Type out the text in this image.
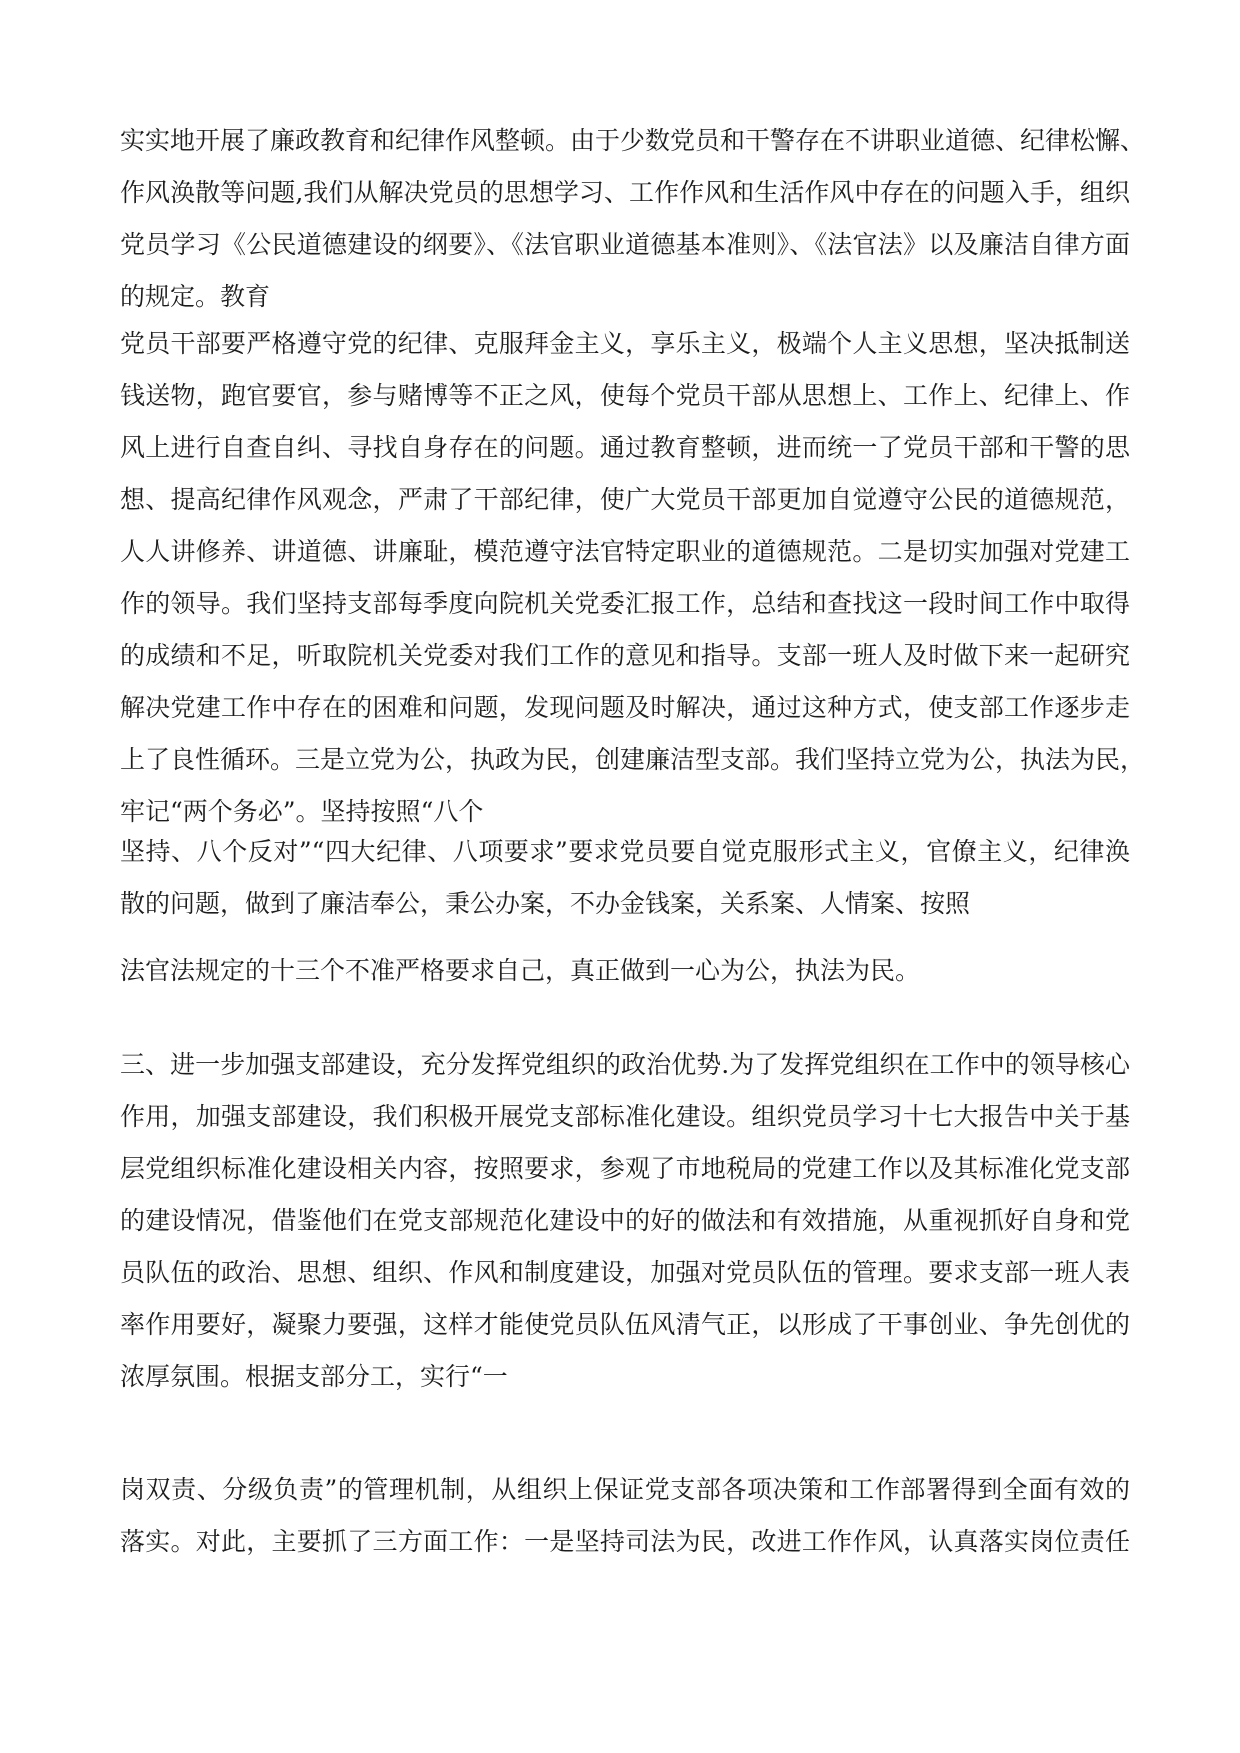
实实地开展了廉政教育和纪律作风整顿。由于少数党员和干警存在不讲职业道德、纪律松懈、
作风涣散等问题,我们从解决党员的思想学习、工作作风和生活作风中存在的问题入手，组织
党员学习《公民道德建设的纲要》、《法官职业道德基本准则》、《法官法》以及廉洁自律方面
的规定。教育
党员干部要严格遵守党的纪律、克服拜金主义，享乐主义，极端个人主义思想，坚决抵制送
钱送物，跑官要官，参与赌博等不正之风，使每个党员干部从思想上、工作上、纪律上、作
风上进行自查自纠、寻找自身存在的问题。通过教育整顿，进而统一了党员干部和干警的思
想、提高纪律作风观念，严肃了干部纪律，使广大党员干部更加自觉遵守公民的道德规范，
人人讲修养、讲道德、讲廉耻，模范遵守法官特定职业的道德规范。二是切实加强对党建工
作的领导。我们坚持支部每季度向院机关党委汇报工作，总结和查找这一段时间工作中取得
的成绩和不足，听取院机关党委对我们工作的意见和指导。支部一班人及时做下来一起研究
解决党建工作中存在的困难和问题，发现问题及时解决，通过这种方式，使支部工作逐步走
上了良性循环。三是立党为公，执政为民，创建廉洁型支部。我们坚持立党为公，执法为民，
牢记“两个务必”。坚持按照“八个
坚持、八个反对”“四大纪律、八项要求”要求党员要自觉克服形式主义，官僚主义，纪律涣
散的问题，做到了廉洁奉公，秉公办案，不办金钱案，关系案、人情案、按照
法官法规定的十三个不准严格要求自己，真正做到一心为公，执法为民。
三、进一步加强支部建设，充分发挥党组织的政治优势.为了发挥党组织在工作中的领导核心
作用，加强支部建设，我们积极开展党支部标准化建设。组织党员学习十七大报告中关于基
层党组织标准化建设相关内容，按照要求，参观了市地税局的党建工作以及其标准化党支部
的建设情况，借鉴他们在党支部规范化建设中的好的做法和有效措施，从重视抓好自身和党
员队伍的政治、思想、组织、作风和制度建设，加强对党员队伍的管理。要求支部一班人表
率作用要好，凝聚力要强，这样才能使党员队伍风清气正，以形成了干事创业、争先创优的
浓厚氛围。根据支部分工，实行“一
岗双责、分级负责”的管理机制，从组织上保证党支部各项决策和工作部署得到全面有效的
落实。对此，主要抓了三方面工作：一是坚持司法为民，改进工作作风，认真落实岗位责任
